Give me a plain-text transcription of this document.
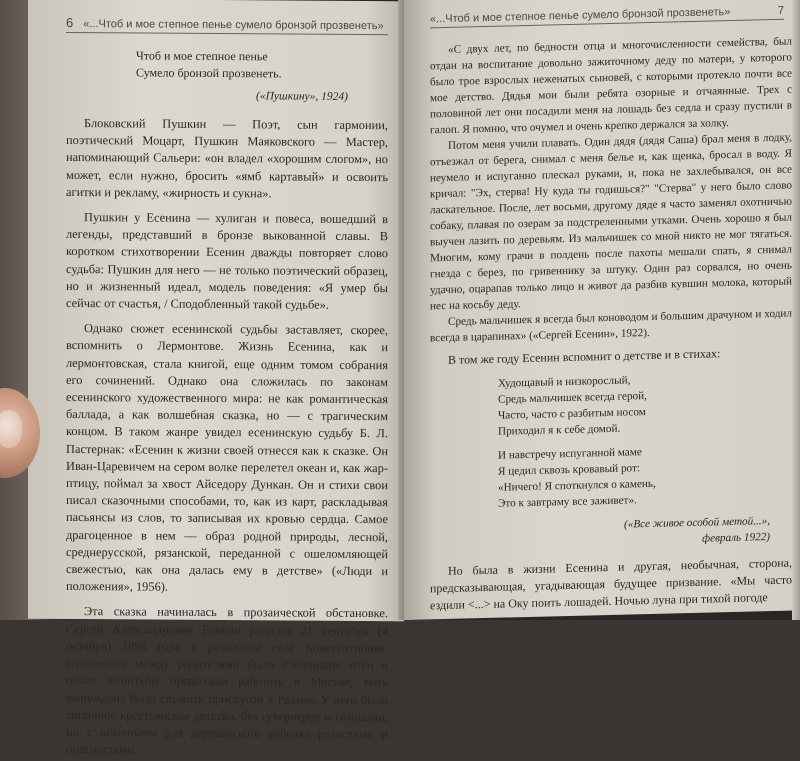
6 «...Чтоб и мое степное пенье сумело бронзой прозвенеть»
Чтоб и мое степное пенье
Сумело бронзой прозвенеть.
(«Пушкину», 1924)

Блоковский Пушкин — Поэт, сын гармонии, поэтический Моцарт, Пушкин Маяковского — Мастер, напоминающий Сальери: «он владел «хорошим слогом», но может, если нужно, бросить «ямб картавый» и освоить агитки и рекламу, «жирность и сукна».

Пушкин у Есенина — хулиган и повеса, вошедший в легенды, представший в бронзе выкованной славы. В коротком стихотворении Есенин дважды повторяет слово судьба: Пушкин для него — не только поэтический образец, но и жизненный идеал, модель поведения: «Я умер бы сейчас от счастья, / Сподобленный такой судьбе».

Однако сюжет есенинской судьбы заставляет, скорее, вспомнить о Лермонтове. Жизнь Есенина, как и лермонтовская, стала книгой, еще одним томом собрания его сочинений. Однако она сложилась по законам есенинского художественного мира: не как романтическая баллада, а как волшебная сказка, но — с трагическим концом. В таком жанре увидел есенинскую судьбу Б. Л. Пастернак: «Есенин к жизни своей отнесся как к сказке. Он Иван-Царевичем на сером волке перелетел океан и, как жар-птицу, поймал за хвост Айседору Дункан. Он и стихи свои писал сказочными способами, то, как из карт, раскладывая пасьянсы из слов, то записывая их кровью сердца. Самое драгоценное в нем — образ родной природы, лесной, среднерусской, рязанской, переданной с ошеломляющей свежестью, как она далась ему в детстве» («Люди и положения», 1956).

Эта сказка начиналась в прозаической обстановке. Сергей Александрович Есенин родился 21 сентября (4 октября) 1895 года в рязанском селе Константинове. Отношения между родителями были сложными: отец и после женитьбы продолжал работать в Москве, мать вынуждена была служить прислугой в Рязани. У него было типичное крестьянское детство, без гувернеров и гимназии, но с обычными для деревенского ребенка радостями и опасностями.

«...Чтоб и мое степное пенье сумело бронзой прозвенеть»	7

«С двух лет, по бедности отца и многочисленности семейства, был отдан на воспитание довольно зажиточному деду по матери, у которого было трое взрослых неженатых сыновей, с которыми протекло почти все мое детство. Дядья мои были ребята озорные и отчаянные. Трех с половиной лет они посадили меня на лошадь без седла и сразу пустили в галоп. Я помню, что очумел и очень крепко держался за холку.

Потом меня учили плавать. Один дядя (дядя Саша) брал меня в лодку, отъезжал от берега, снимал с меня белье и, как щенка, бросал в воду. Я неумело и испуганно плескал руками, и, пока не захлебывался, он все кричал: "Эх, стерва! Ну куда ты годишься?" "Стерва" у него было слово ласкательное. После, лет восьми, другому дяде я часто заменял охотничью собаку, плавая по озерам за подстреленными утками. Очень хорошо я был выучен лазить по деревьям. Из мальчишек со мной никто не мог тягаться. Многим, кому грачи в полдень после пахоты мешали спать, я снимал гнезда с берез, по гривеннику за штуку. Один раз сорвался, но очень удачно, оцарапав только лицо и живот да разбив кувшин молока, который нес на косьбу деду.

Средь мальчишек я всегда был коноводом и большим драчуном и ходил всегда в царапинах» («Сергей Есенин», 1922).

В том же году Есенин вспомнит о детстве и в стихах:

Худощавый и низкорослый,
Средь мальчишек всегда герой,
Часто, часто с разбитым носом
Приходил я к себе домой.
И навстречу испуганной маме
Я цедил сквозь кровавый рот:
«Ничего! Я споткнулся о камень,
Это к завтраму все заживет».
(«Все живое особой метой...»,
февраль 1922)

Но была в жизни Есенина и другая, необычная, сторона, предсказывающая, угадывающая будущее призвание. «Мы часто ездили <...> на Оку поить лошадей. Ночью луна при тихой погоде
